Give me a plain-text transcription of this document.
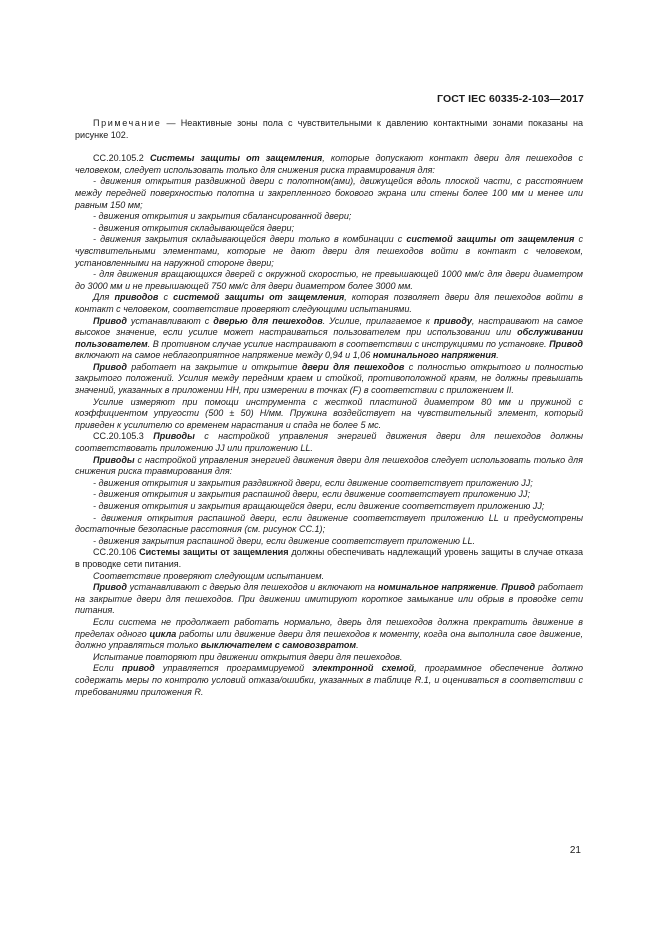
ГОСТ IEC 60335-2-103—2017

Примечание — Неактивные зоны пола с чувствительными к давлению контактными зонами показаны на рисунке 102.

CC.20.105.2 Системы защиты от защемления, которые допускают контакт двери для пешеходов с человеком, следует использовать только для снижения риска травмирования для:

- движения открытия раздвижной двери с полотном(ами), движущейся вдоль плоской части, с расстоянием между передней поверхностью полотна и закрепленного бокового экрана или стены более 100 мм и менее или равным 150 мм;

- движения открытия и закрытия сбалансированной двери;

- движения открытия складывающейся двери;

- движения закрытия складывающейся двери только в комбинации с системой защиты от защемления с чувствительными элементами, которые не дают двери для пешеходов войти в контакт с человеком, установленными на наружной стороне двери;

- для движения вращающихся дверей с окружной скоростью, не превышающей 1000 мм/с для двери диаметром до 3000 мм и не превышающей 750 мм/с для двери диаметром более 3000 мм.

Для приводов с системой защиты от защемления, которая позволяет двери для пешеходов войти в контакт с человеком, соответствие проверяют следующими испытаниями.

Привод устанавливают с дверью для пешеходов. Усилие, прилагаемое к приводу, настраивают на самое высокое значение, если усилие может настраиваться пользователем при использовании или обслуживании пользователем. В противном случае усилие настраивают в соответствии с инструкциями по установке. Привод включают на самое неблагоприятное напряжение между 0,94 и 1,06 номинального напряжения.

Привод работает на закрытие и открытие двери для пешеходов с полностью открытого и полностью закрытого положений. Усилия между передним краем и стойкой, противоположной краям, не должны превышать значений, указанных в приложении НН, при измерении в точках (F) в соответствии с приложением II.

Усилие измеряют при помощи инструмента с жесткой пластиной диаметром 80 мм и пружиной с коэффициентом упругости (500 ± 50) Н/мм. Пружина воздействует на чувствительный элемент, который приведен к усилителю со временем нарастания и спада не более 5 мс.

CC.20.105.3 Приводы с настройкой управления энергией движения двери для пешеходов должны соответствовать приложению JJ или приложению LL.

Приводы с настройкой управления энергией движения двери для пешеходов следует использовать только для снижения риска травмирования для:

- движения открытия и закрытия раздвижной двери, если движение соответствует приложению JJ;

- движения открытия и закрытия распашной двери, если движение соответствует приложению JJ;

- движения открытия и закрытия вращающейся двери, если движение соответствует приложению JJ;

- движения открытия распашной двери, если движение соответствует приложению LL и предусмотрены достаточные безопасные расстояния (см. рисунок CC.1);

- движения закрытия распашной двери, если движение соответствует приложению LL.

CC.20.106 Системы защиты от защемления должны обеспечивать надлежащий уровень защиты в случае отказа в проводке сети питания.

Соответствие проверяют следующим испытанием.

Привод устанавливают с дверью для пешеходов и включают на номинальное напряжение. Привод работает на закрытие двери для пешеходов. При движении имитируют короткое замыкание или обрыв в проводке сети питания.

Если система не продолжает работать нормально, дверь для пешеходов должна прекратить движение в пределах одного цикла работы или движение двери для пешеходов к моменту, когда она выполнила свое движение, должно управляться только выключателем с самовозвратом.

Испытание повторяют при движении открытия двери для пешеходов.

Если привод управляется программируемой электронной схемой, программное обеспечение должно содержать меры по контролю условий отказа/ошибки, указанных в таблице R.1, и оцениваться в соответствии с требованиями приложения R.

21
